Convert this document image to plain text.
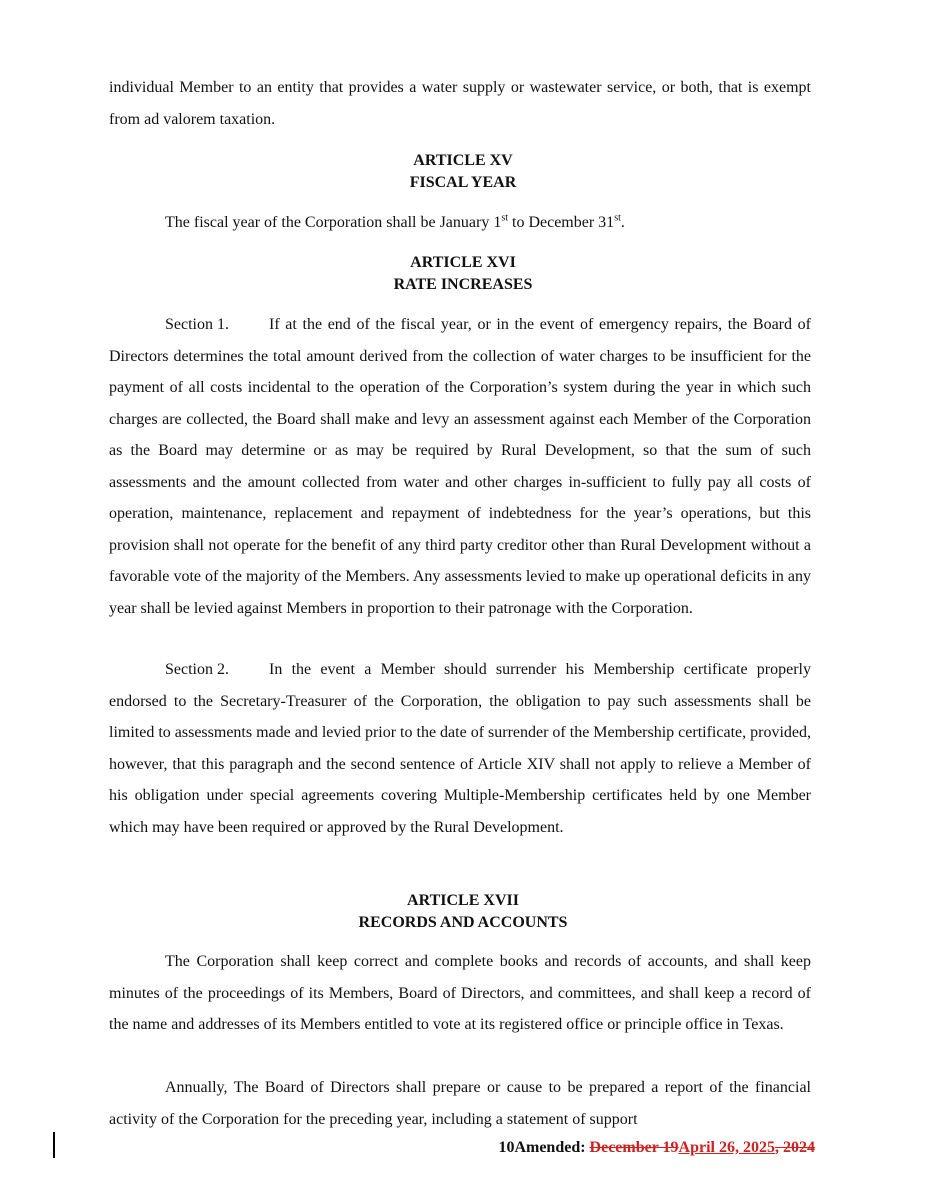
individual Member to an entity that provides a water supply or wastewater service, or both, that is exempt from ad valorem taxation.

ARTICLE XV
FISCAL YEAR

The fiscal year of the Corporation shall be January 1st to December 31st.

ARTICLE XVI
RATE INCREASES

Section 1.	If at the end of the fiscal year, or in the event of emergency repairs, the Board of Directors determines the total amount derived from the collection of water charges to be insufficient for the payment of all costs incidental to the operation of the Corporation’s system during the year in which such charges are collected, the Board shall make and levy an assessment against each Member of the Corporation as the Board may determine or as may be required by Rural Development, so that the sum of such assessments and the amount collected from water and other charges in-sufficient to fully pay all costs of operation, maintenance, replacement and repayment of indebtedness for the year’s operations, but this provision shall not operate for the benefit of any third party creditor other than Rural Development without a favorable vote of the majority of the Members. Any assessments levied to make up operational deficits in any year shall be levied against Members in proportion to their patronage with the Corporation.

Section 2.	In the event a Member should surrender his Membership certificate properly endorsed to the Secretary-Treasurer of the Corporation, the obligation to pay such assessments shall be limited to assessments made and levied prior to the date of surrender of the Membership certificate, provided, however, that this paragraph and the second sentence of Article XIV shall not apply to relieve a Member of his obligation under special agreements covering Multiple-Membership certificates held by one Member which may have been required or approved by the Rural Development.

ARTICLE XVII
RECORDS AND ACCOUNTS

The Corporation shall keep correct and complete books and records of accounts, and shall keep minutes of the proceedings of its Members, Board of Directors, and committees, and shall keep a record of the name and addresses of its Members entitled to vote at its registered office or principle office in Texas.

Annually, The Board of Directors shall prepare or cause to be prepared a report of the financial activity of the Corporation for the preceding year, including a statement of support

10Amended: December 19April 26, 2025, 2024
